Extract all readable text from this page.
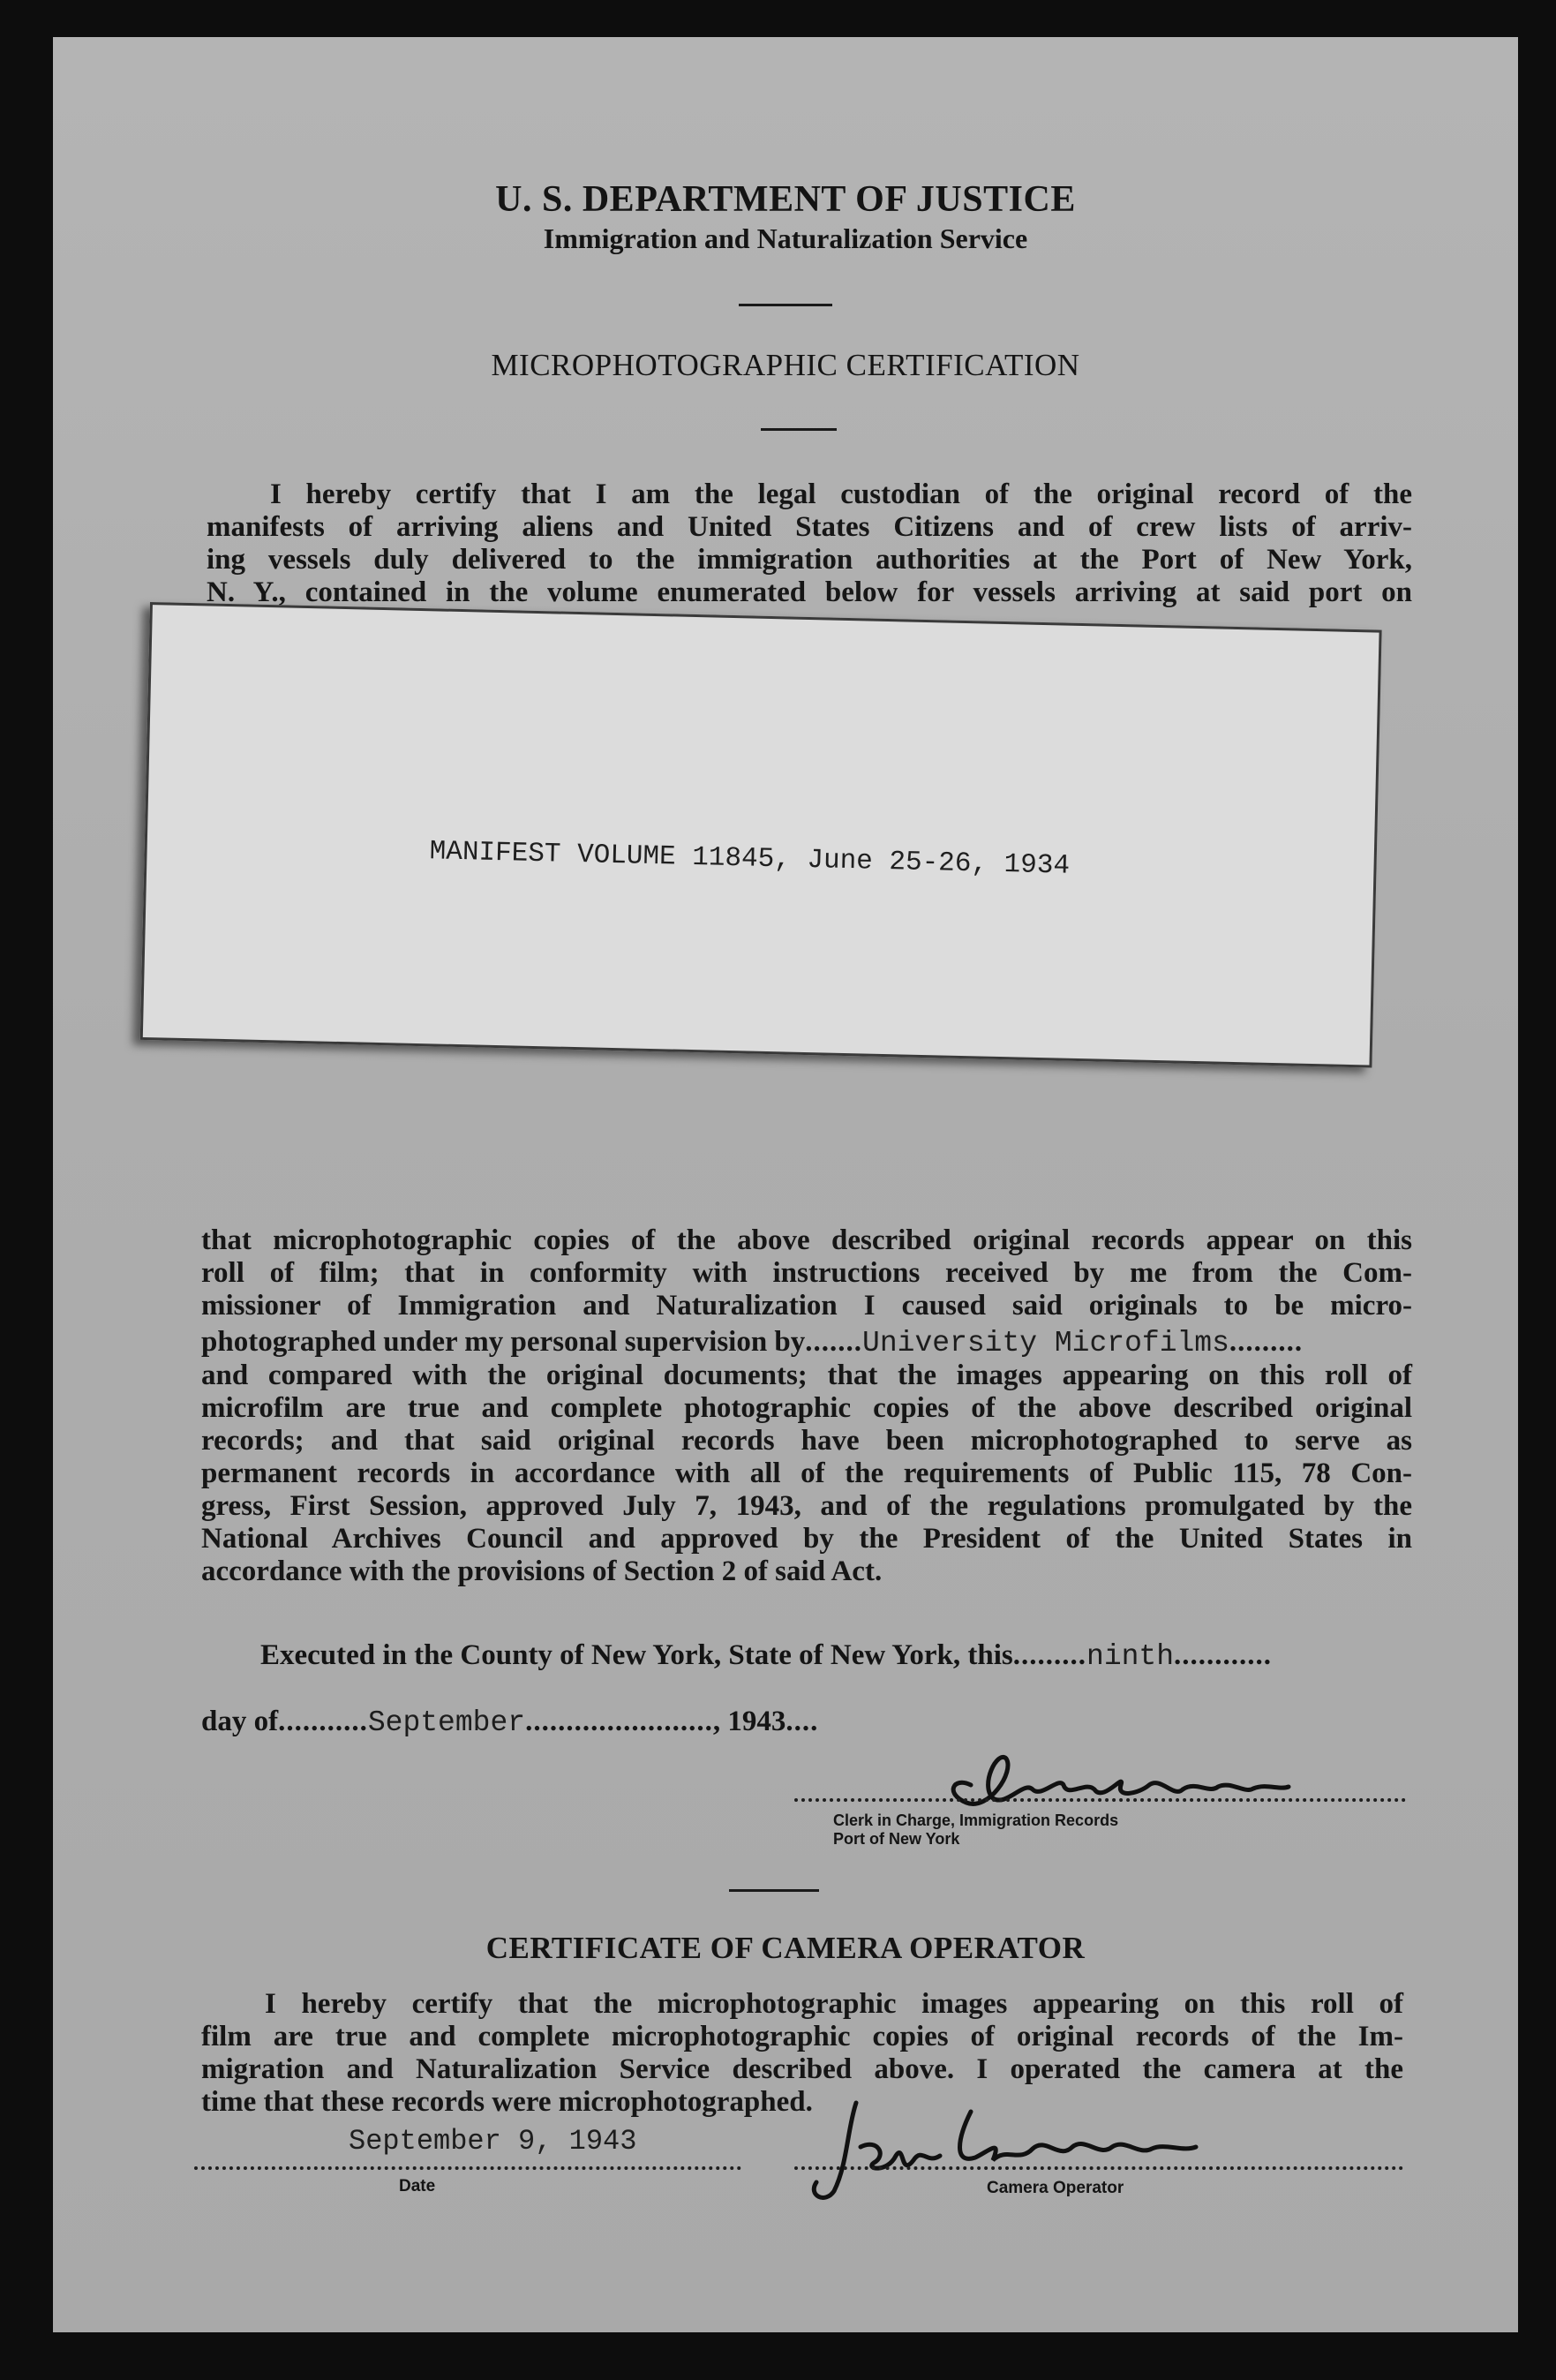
U. S. DEPARTMENT OF JUSTICE
Immigration and Naturalization Service
MICROPHOTOGRAPHIC CERTIFICATION

I hereby certify that I am the legal custodian of the original record of the

manifests of arriving aliens and United States Citizens and of crew lists of arriv-

ing vessels duly delivered to the immigration authorities at the Port of New York,

N. Y., contained in the volume enumerated below for vessels arriving at said port on

MANIFEST VOLUME 11845, June 25-26, 1934

that microphotographic copies of the above described original records appear on this

roll of film; that in conformity with instructions received by me from the Com-

missioner of Immigration and Naturalization I caused said originals to be micro-

photographed under my personal supervision by.......University Microfilms.........

and compared with the original documents; that the images appearing on this roll of

microfilm are true and complete photographic copies of the above described original

records; and that said original records have been microphotographed to serve as

permanent records in accordance with all of the requirements of Public 115, 78 Con-

gress, First Session, approved July 7, 1943, and of the regulations promulgated by the

National Archives Council and approved by the President of the United States in

accordance with the provisions of Section 2 of said Act.

Executed in the County of New York, State of New York, this.........ninth............
day of...........September......................., 1943....
Clerk in Charge, Immigration Records
Port of New York
CERTIFICATE OF CAMERA OPERATOR

I hereby certify that the microphotographic images appearing on this roll of

film are true and complete microphotographic copies of original records of the Im-

migration and Naturalization Service described above. I operated the camera at the

time that these records were microphotographed.

September 9, 1943
Date	Camera Operator
